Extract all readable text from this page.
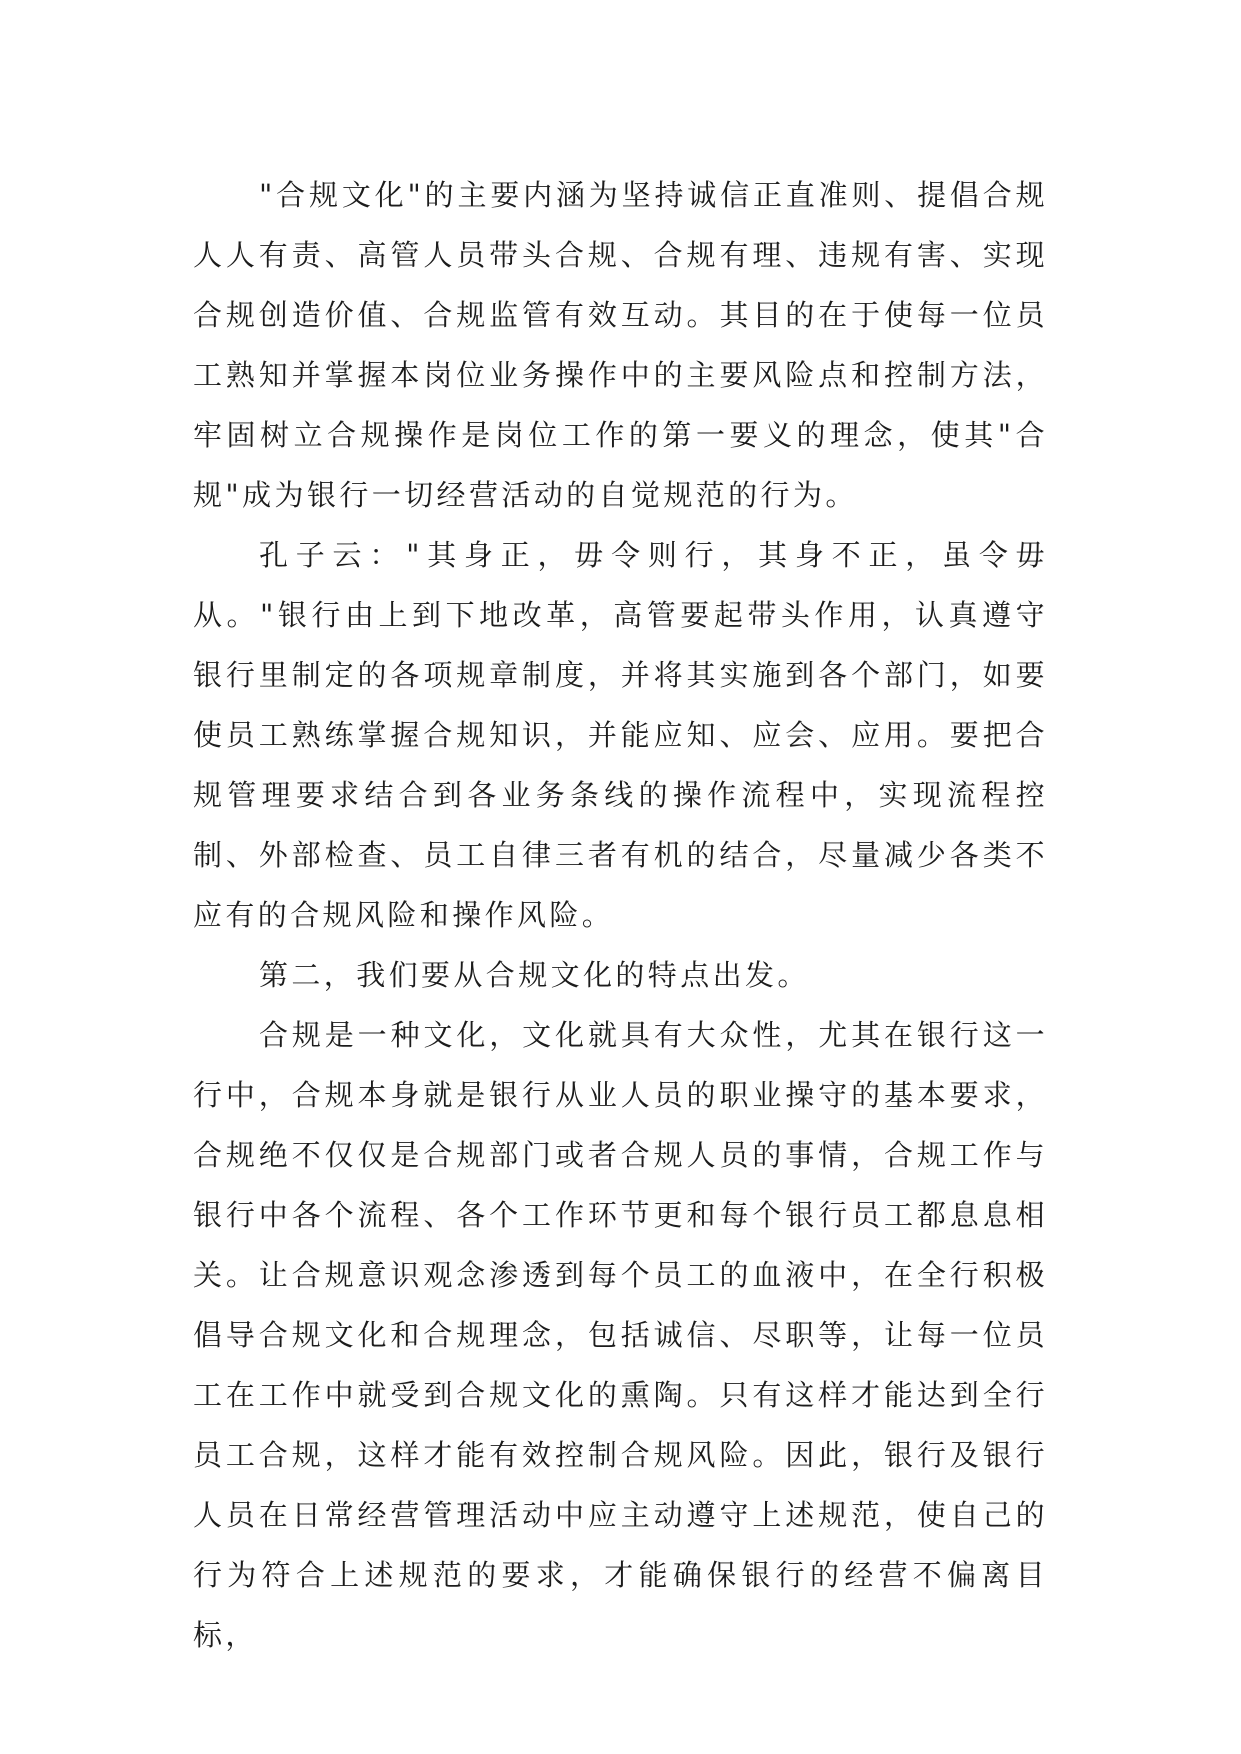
"合规文化"的主要内涵为坚持诚信正直准则、提倡合规人人有责、高管人员带头合规、合规有理、违规有害、实现合规创造价值、合规监管有效互动。其目的在于使每一位员工熟知并掌握本岗位业务操作中的主要风险点和控制方法，牢固树立合规操作是岗位工作的第一要义的理念，使其"合规"成为银行一切经营活动的自觉规范的行为。

孔子云："其身正，毋令则行，其身不正，虽令毋从。"银行由上到下地改革，高管要起带头作用，认真遵守银行里制定的各项规章制度，并将其实施到各个部门，如要使员工熟练掌握合规知识，并能应知、应会、应用。要把合规管理要求结合到各业务条线的操作流程中，实现流程控制、外部检查、员工自律三者有机的结合，尽量减少各类不应有的合规风险和操作风险。

第二，我们要从合规文化的特点出发。

合规是一种文化，文化就具有大众性，尤其在银行这一行中，合规本身就是银行从业人员的职业操守的基本要求，合规绝不仅仅是合规部门或者合规人员的事情，合规工作与银行中各个流程、各个工作环节更和每个银行员工都息息相关。让合规意识观念渗透到每个员工的血液中，在全行积极倡导合规文化和合规理念，包括诚信、尽职等，让每一位员工在工作中就受到合规文化的熏陶。只有这样才能达到全行员工合规，这样才能有效控制合规风险。因此，银行及银行人员在日常经营管理活动中应主动遵守上述规范，使自己的行为符合上述规范的要求，才能确保银行的经营不偏离目标，
